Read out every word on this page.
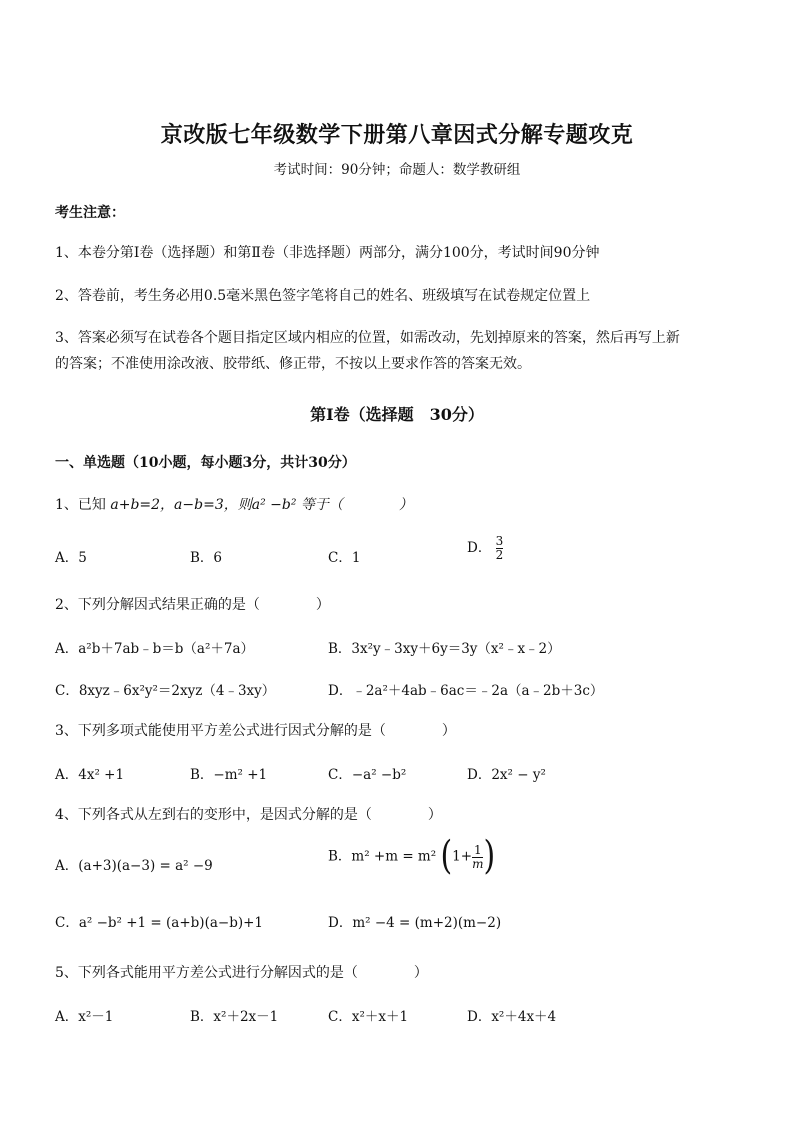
京改版七年级数学下册第八章因式分解专题攻克
考试时间：90分钟；命题人：数学教研组
考生注意：
1、本卷分第Ⅰ卷（选择题）和第Ⅱ卷（非选择题）两部分，满分100分，考试时间90分钟
2、答卷前，考生务必用0.5毫米黑色签字笔将自己的姓名、班级填写在试卷规定位置上
3、答案必须写在试卷各个题目指定区域内相应的位置，如需改动，先划掉原来的答案，然后再写上新
的答案；不准使用涂改液、胶带纸、修正带，不按以上要求作答的答案无效。
第Ⅰ卷（选择题　30分）
一、单选题（10小题，每小题3分，共计30分）
1、已知 a+b=2，a−b=3，则a² −b² 等于（　　　　）
A．5	B．6	C．1
D． $\frac{3}{2}$
2、下列分解因式结果正确的是（　　　　）
A．a²b＋7ab﹣b＝b（a²＋7a）	B．3x²y﹣3xy＋6y＝3y（x²﹣x﹣2）
C．8xyz﹣6x²y²＝2xyz（4﹣3xy）	D．﹣2a²＋4ab﹣6ac＝﹣2a（a﹣2b＋3c）
3、下列多项式能使用平方差公式进行因式分解的是（　　　　）
A．4x² +1	B．−m² +1	C．−a² −b²	D．2x² − y²
4、下列各式从左到右的变形中，是因式分解的是（　　　　）
A．(a+3)(a−3) = a² −9
B．m² +m = m² ($1+ \frac{1}{m}$ )
C．a² −b² +1 = (a+b)(a−b)+1	D．m² −4 = (m+2)(m−2)
5、下列各式能用平方差公式进行分解因式的是（　　　　）
A．x²－1	B．x²＋2x－1	C．x²＋x＋1	D．x²＋4x＋4
